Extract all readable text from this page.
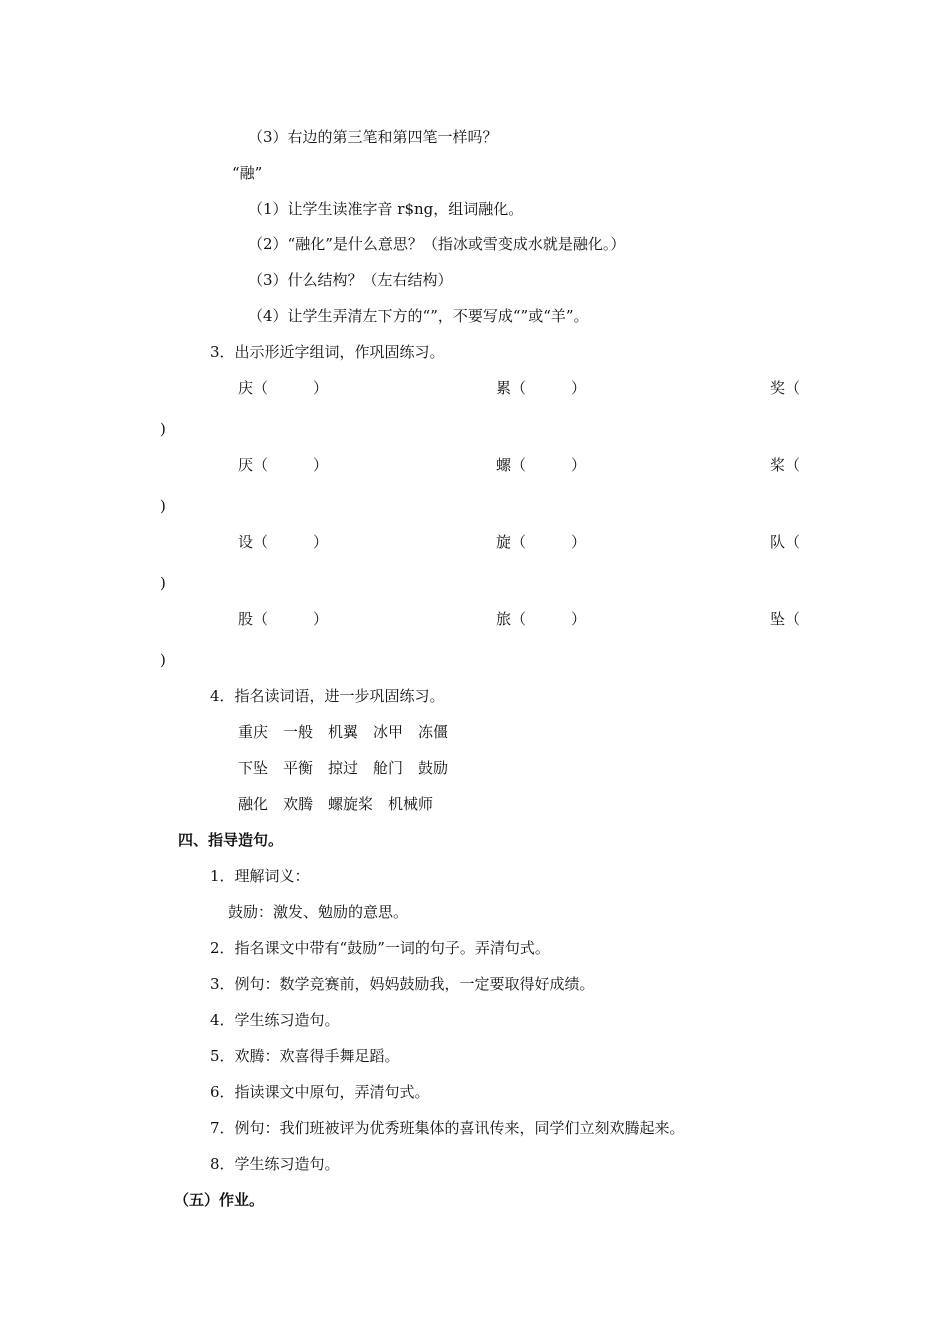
（3）右边的第三笔和第四笔一样吗？
“融”
（1）让学生读准字音 r$ng，组词融化。
（2）“融化”是什么意思？（指冰或雪变成水就是融化。）
（3）什么结构？（左右结构）
（4）让学生弄清左下方的“”，不要写成“”或“羊”。
3．出示形近字组词，作巩固练习。
庆（　　　）	累（　　　）	奖（
)
厌（　　　）	螺（　　　）	桨（
)
设（　　　）	旋（　　　）	队（
)
股（　　　）	旅（　　　）	坠（
)
4．指名读词语，进一步巩固练习。
重庆　一般　机翼　冰甲　冻僵
下坠　平衡　掠过　舱门　鼓励
融化　欢腾　螺旋桨　机械师
四、指导造句。
1．理解词义：
鼓励：激发、勉励的意思。
2．指名课文中带有“鼓励”一词的句子。弄清句式。
3．例句：数学竞赛前，妈妈鼓励我，一定要取得好成绩。
4．学生练习造句。
5．欢腾：欢喜得手舞足蹈。
6．指读课文中原句，弄清句式。
7．例句：我们班被评为优秀班集体的喜讯传来，同学们立刻欢腾起来。
8．学生练习造句。
（五）作业。
